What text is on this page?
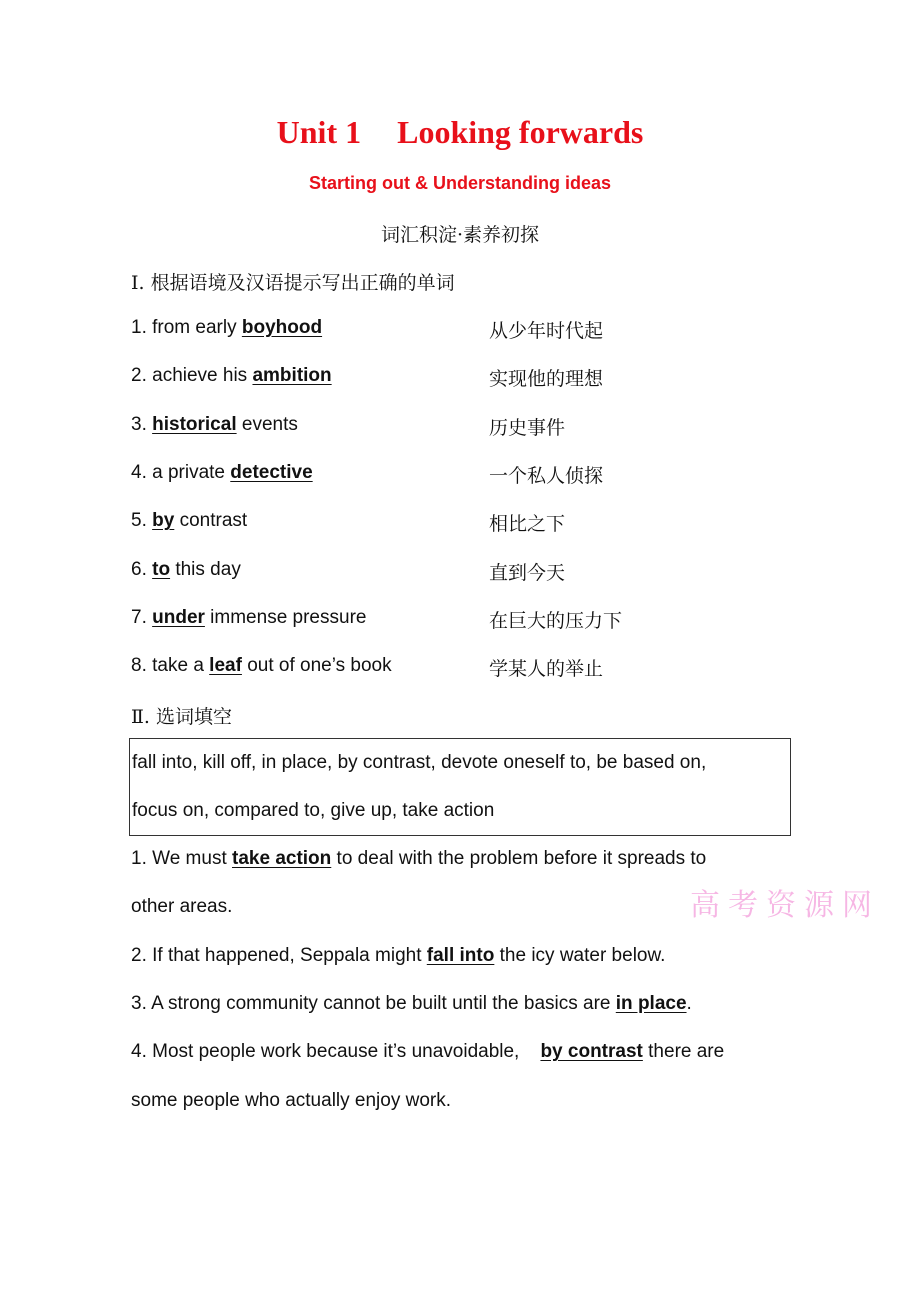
Unit 1 Looking forwards
Starting out & Understanding ideas
词汇积淀·素养初探
Ⅰ. 根据语境及汉语提示写出正确的单词
1. from early boyhood	从少年时代起
2. achieve his ambition	实现他的理想
3. historical events	历史事件
4. a private detective	一个私人侦探
5. by contrast	相比之下
6. to this day	直到今天
7. under immense pressure	在巨大的压力下
8. take a leaf out of one’s book	学某人的举止
Ⅱ. 选词填空
fall into, kill off, in place, by contrast, devote oneself to, be based on,
focus on, compared to, give up, take action
1. We must take action to deal with the problem before it spreads to
other areas.
2. If that happened, Seppala might fall into the icy water below.
3. A strong community cannot be built until the basics are in place.
4. Most people work because it’s unavoidable,    by contrast there are
some people who actually enjoy work.
高考资源网
